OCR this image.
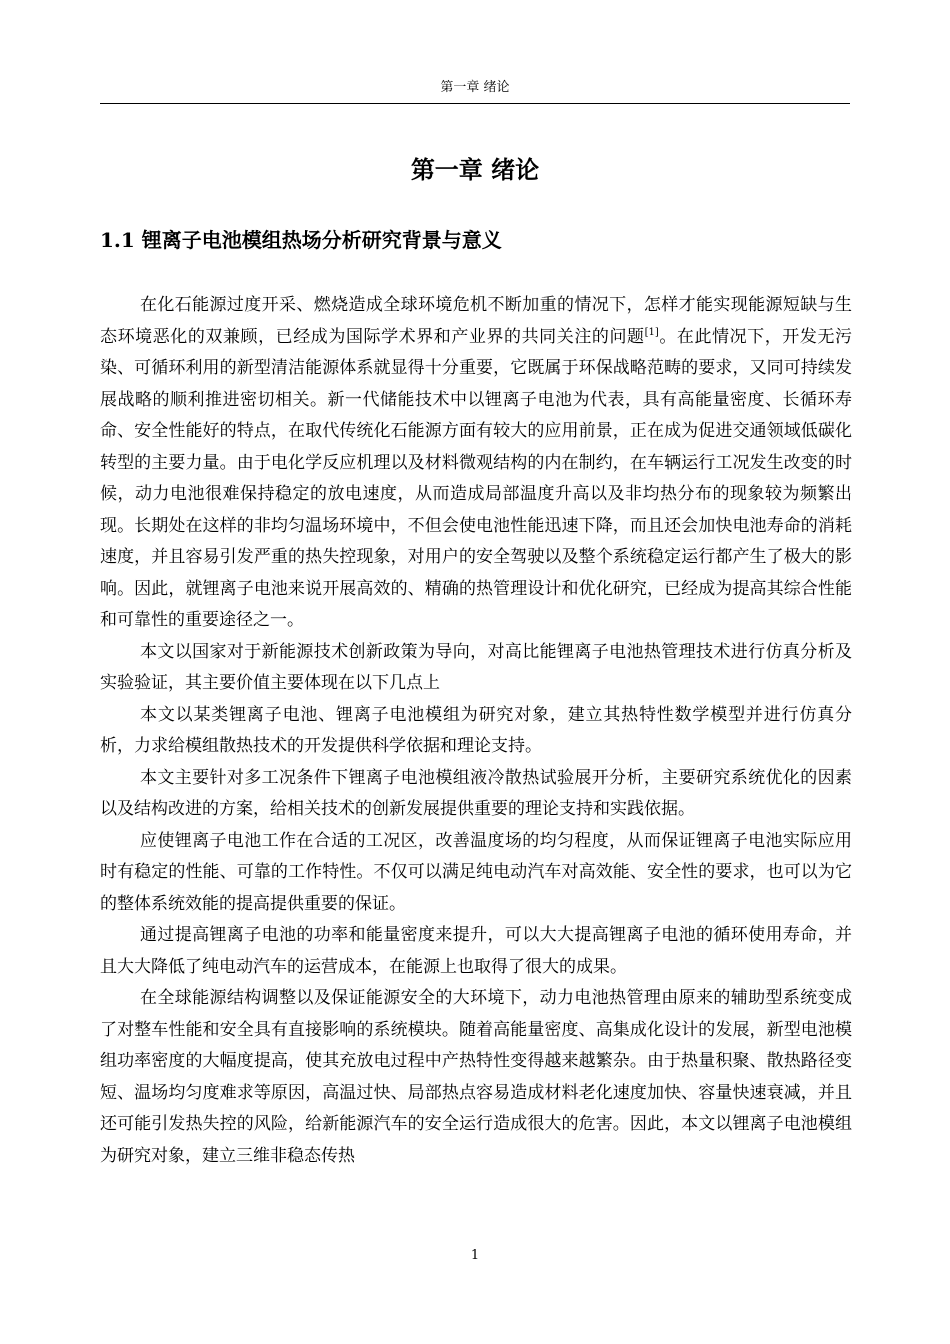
第一章 绪论
第一章 绪论
1.1 锂离子电池模组热场分析研究背景与意义

在化石能源过度开采、燃烧造成全球环境危机不断加重的情况下，怎样才能实现能源短缺与生态环境恶化的双兼顾，已经成为国际学术界和产业界的共同关注的问题[1]。在此情况下，开发无污染、可循环利用的新型清洁能源体系就显得十分重要，它既属于环保战略范畴的要求，又同可持续发展战略的顺利推进密切相关。新一代储能技术中以锂离子电池为代表，具有高能量密度、长循环寿命、安全性能好的特点，在取代传统化石能源方面有较大的应用前景，正在成为促进交通领域低碳化转型的主要力量。由于电化学反应机理以及材料微观结构的内在制约，在车辆运行工况发生改变的时候，动力电池很难保持稳定的放电速度，从而造成局部温度升高以及非均热分布的现象较为频繁出现。长期处在这样的非均匀温场环境中，不但会使电池性能迅速下降，而且还会加快电池寿命的消耗速度，并且容易引发严重的热失控现象，对用户的安全驾驶以及整个系统稳定运行都产生了极大的影响。因此，就锂离子电池来说开展高效的、精确的热管理设计和优化研究，已经成为提高其综合性能和可靠性的重要途径之一。

本文以国家对于新能源技术创新政策为导向，对高比能锂离子电池热管理技术进行仿真分析及实验验证，其主要价值主要体现在以下几点上

本文以某类锂离子电池、锂离子电池模组为研究对象，建立其热特性数学模型并进行仿真分析，力求给模组散热技术的开发提供科学依据和理论支持。

本文主要针对多工况条件下锂离子电池模组液冷散热试验展开分析，主要研究系统优化的因素以及结构改进的方案，给相关技术的创新发展提供重要的理论支持和实践依据。

应使锂离子电池工作在合适的工况区，改善温度场的均匀程度，从而保证锂离子电池实际应用时有稳定的性能、可靠的工作特性。不仅可以满足纯电动汽车对高效能、安全性的要求，也可以为它的整体系统效能的提高提供重要的保证。

通过提高锂离子电池的功率和能量密度来提升，可以大大提高锂离子电池的循环使用寿命，并且大大降低了纯电动汽车的运营成本，在能源上也取得了很大的成果。

在全球能源结构调整以及保证能源安全的大环境下，动力电池热管理由原来的辅助型系统变成了对整车性能和安全具有直接影响的系统模块。随着高能量密度、高集成化设计的发展，新型电池模组功率密度的大幅度提高，使其充放电过程中产热特性变得越来越繁杂。由于热量积聚、散热路径变短、温场均匀度难求等原因，高温过快、局部热点容易造成材料老化速度加快、容量快速衰减，并且还可能引发热失控的风险，给新能源汽车的安全运行造成很大的危害。因此，本文以锂离子电池模组为研究对象，建立三维非稳态传热

1
